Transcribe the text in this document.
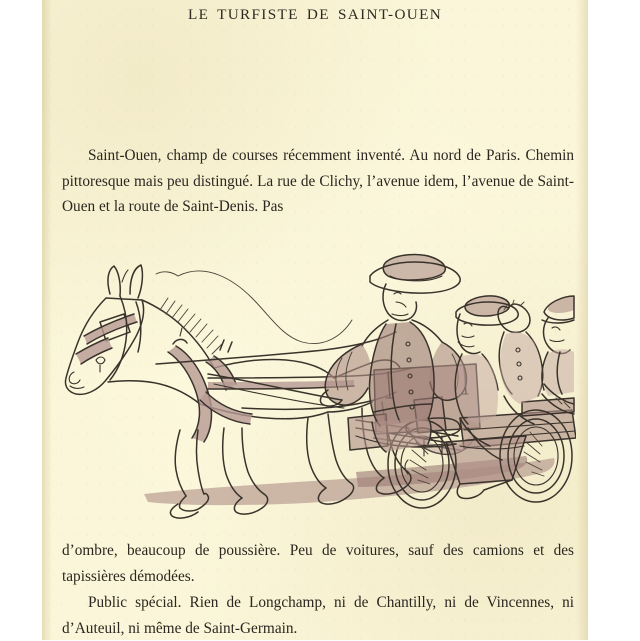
LE TURFISTE DE SAINT-OUEN
Saint-Ouen, champ de courses récemment inventé. Au nord de Paris. Chemin pittoresque mais peu distingué. La rue de Clichy, l’avenue idem, l’avenue de Saint-Ouen et la route de Saint-Denis. Pas
d’ombre, beaucoup de poussière. Peu de voitures, sauf des camions et des tapissières démodées.
Public spécial. Rien de Longchamp, ni de Chantilly, ni de Vincennes, ni d’Auteuil, ni même de Saint-Germain.
